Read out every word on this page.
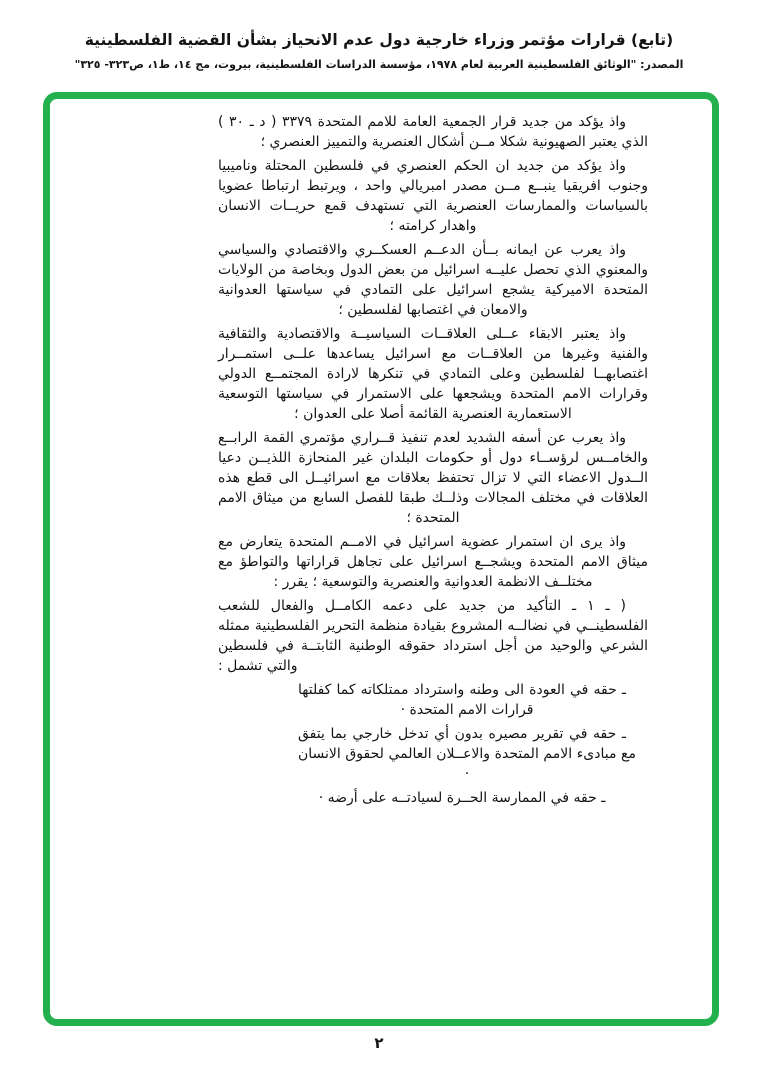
(تابع) قرارات مؤتمر وزراء خارجية دول عدم الانحياز بشأن القضية الفلسطينية
المصدر: "الوثائق الفلسطينية العربية لعام ١٩٧٨، مؤسسة الدراسات الفلسطينية، بيروت، مج ١٤، ط١، ص٣٢٣- ٣٢٥"

واذ يؤكد من جديد قرار الجمعية العامة للامم المتحدة ٣٣٧٩ ( د ـ ٣٠ ) الذي يعتبر الصهيونية شكلا مــن أشكال العنصرية والتمييز العنصري ؛

واذ يؤكد من جديد ان الحكم العنصري في فلسطين المحتلة وناميبيا وجنوب افريقيا ينبــع مــن مصدر امبريالي واحد ، ويرتبط ارتباطا عضويا بالسياسات والممارسات العنصرية التي تستهدف قمع حريــات الانسان واهدار كرامته ؛

واذ يعرب عن ايمانه بــأن الدعــم العسكــري والاقتصادي والسياسي والمعنوي الذي تحصل عليــه اسرائيل من بعض الدول وبخاصة من الولايات المتحدة الاميركية يشجع اسرائيل على التمادي في سياستها العدوانية والامعان في اغتصابها لفلسطين ؛

واذ يعتبر الابقاء عــلى العلاقــات السياسيــة والاقتصادية والثقافية والفنية وغيرها من العلاقــات مع اسرائيل يساعدها علــى استمــرار اغتصابهــا لفلسطين وعلى التمادي في تنكرها لارادة المجتمــع الدولي وقرارات الامم المتحدة ويشجعها على الاستمرار في سياستها التوسعية الاستعمارية العنصرية القائمة أصلا على العدوان ؛

واذ يعرب عن أسفه الشديد لعدم تنفيذ قــراري مؤتمري القمة الرابــع والخامــس لرؤســاء دول أو حكومات البلدان غير المنحازة اللذيــن دعيا الــدول الاعضاء التي لا تزال تحتفظ بعلاقات مع اسرائيــل الى قطع هذه العلاقات في مختلف المجالات وذلــك طبقا للفصل السابع من ميثاق الامم المتحدة ؛

واذ يرى ان استمرار عضوية اسرائيل في الامــم المتحدة يتعارض مع ميثاق الامم المتحدة ويشجــع اسرائيل على تجاهل قراراتها والتواطؤ مع مختلــف الانظمة العدوانية والعنصرية والتوسعية ؛ يقرر :

( ـ ١ ـ التأكيد من جديد على دعمه الكامــل والفعال للشعب الفلسطينــي في نضالــه المشروع بقيادة منظمة التحرير الفلسطينية ممثله الشرعي والوحيد من أجل استرداد حقوقه الوطنية الثابتــة في فلسطين والتي تشمل :

ـ حقه في العودة الى وطنه واسترداد ممتلكاته كما كفلتها قرارات الامم المتحدة ·

ـ حقه في تقرير مصيره بدون أي تدخل خارجي بما يتفق مع مبادىء الامم المتحدة والاعــلان العالمي لحقوق الانسان ·

ـ حقه في الممارسة الحــرة لسيادتــه على أرضه ·

٢
